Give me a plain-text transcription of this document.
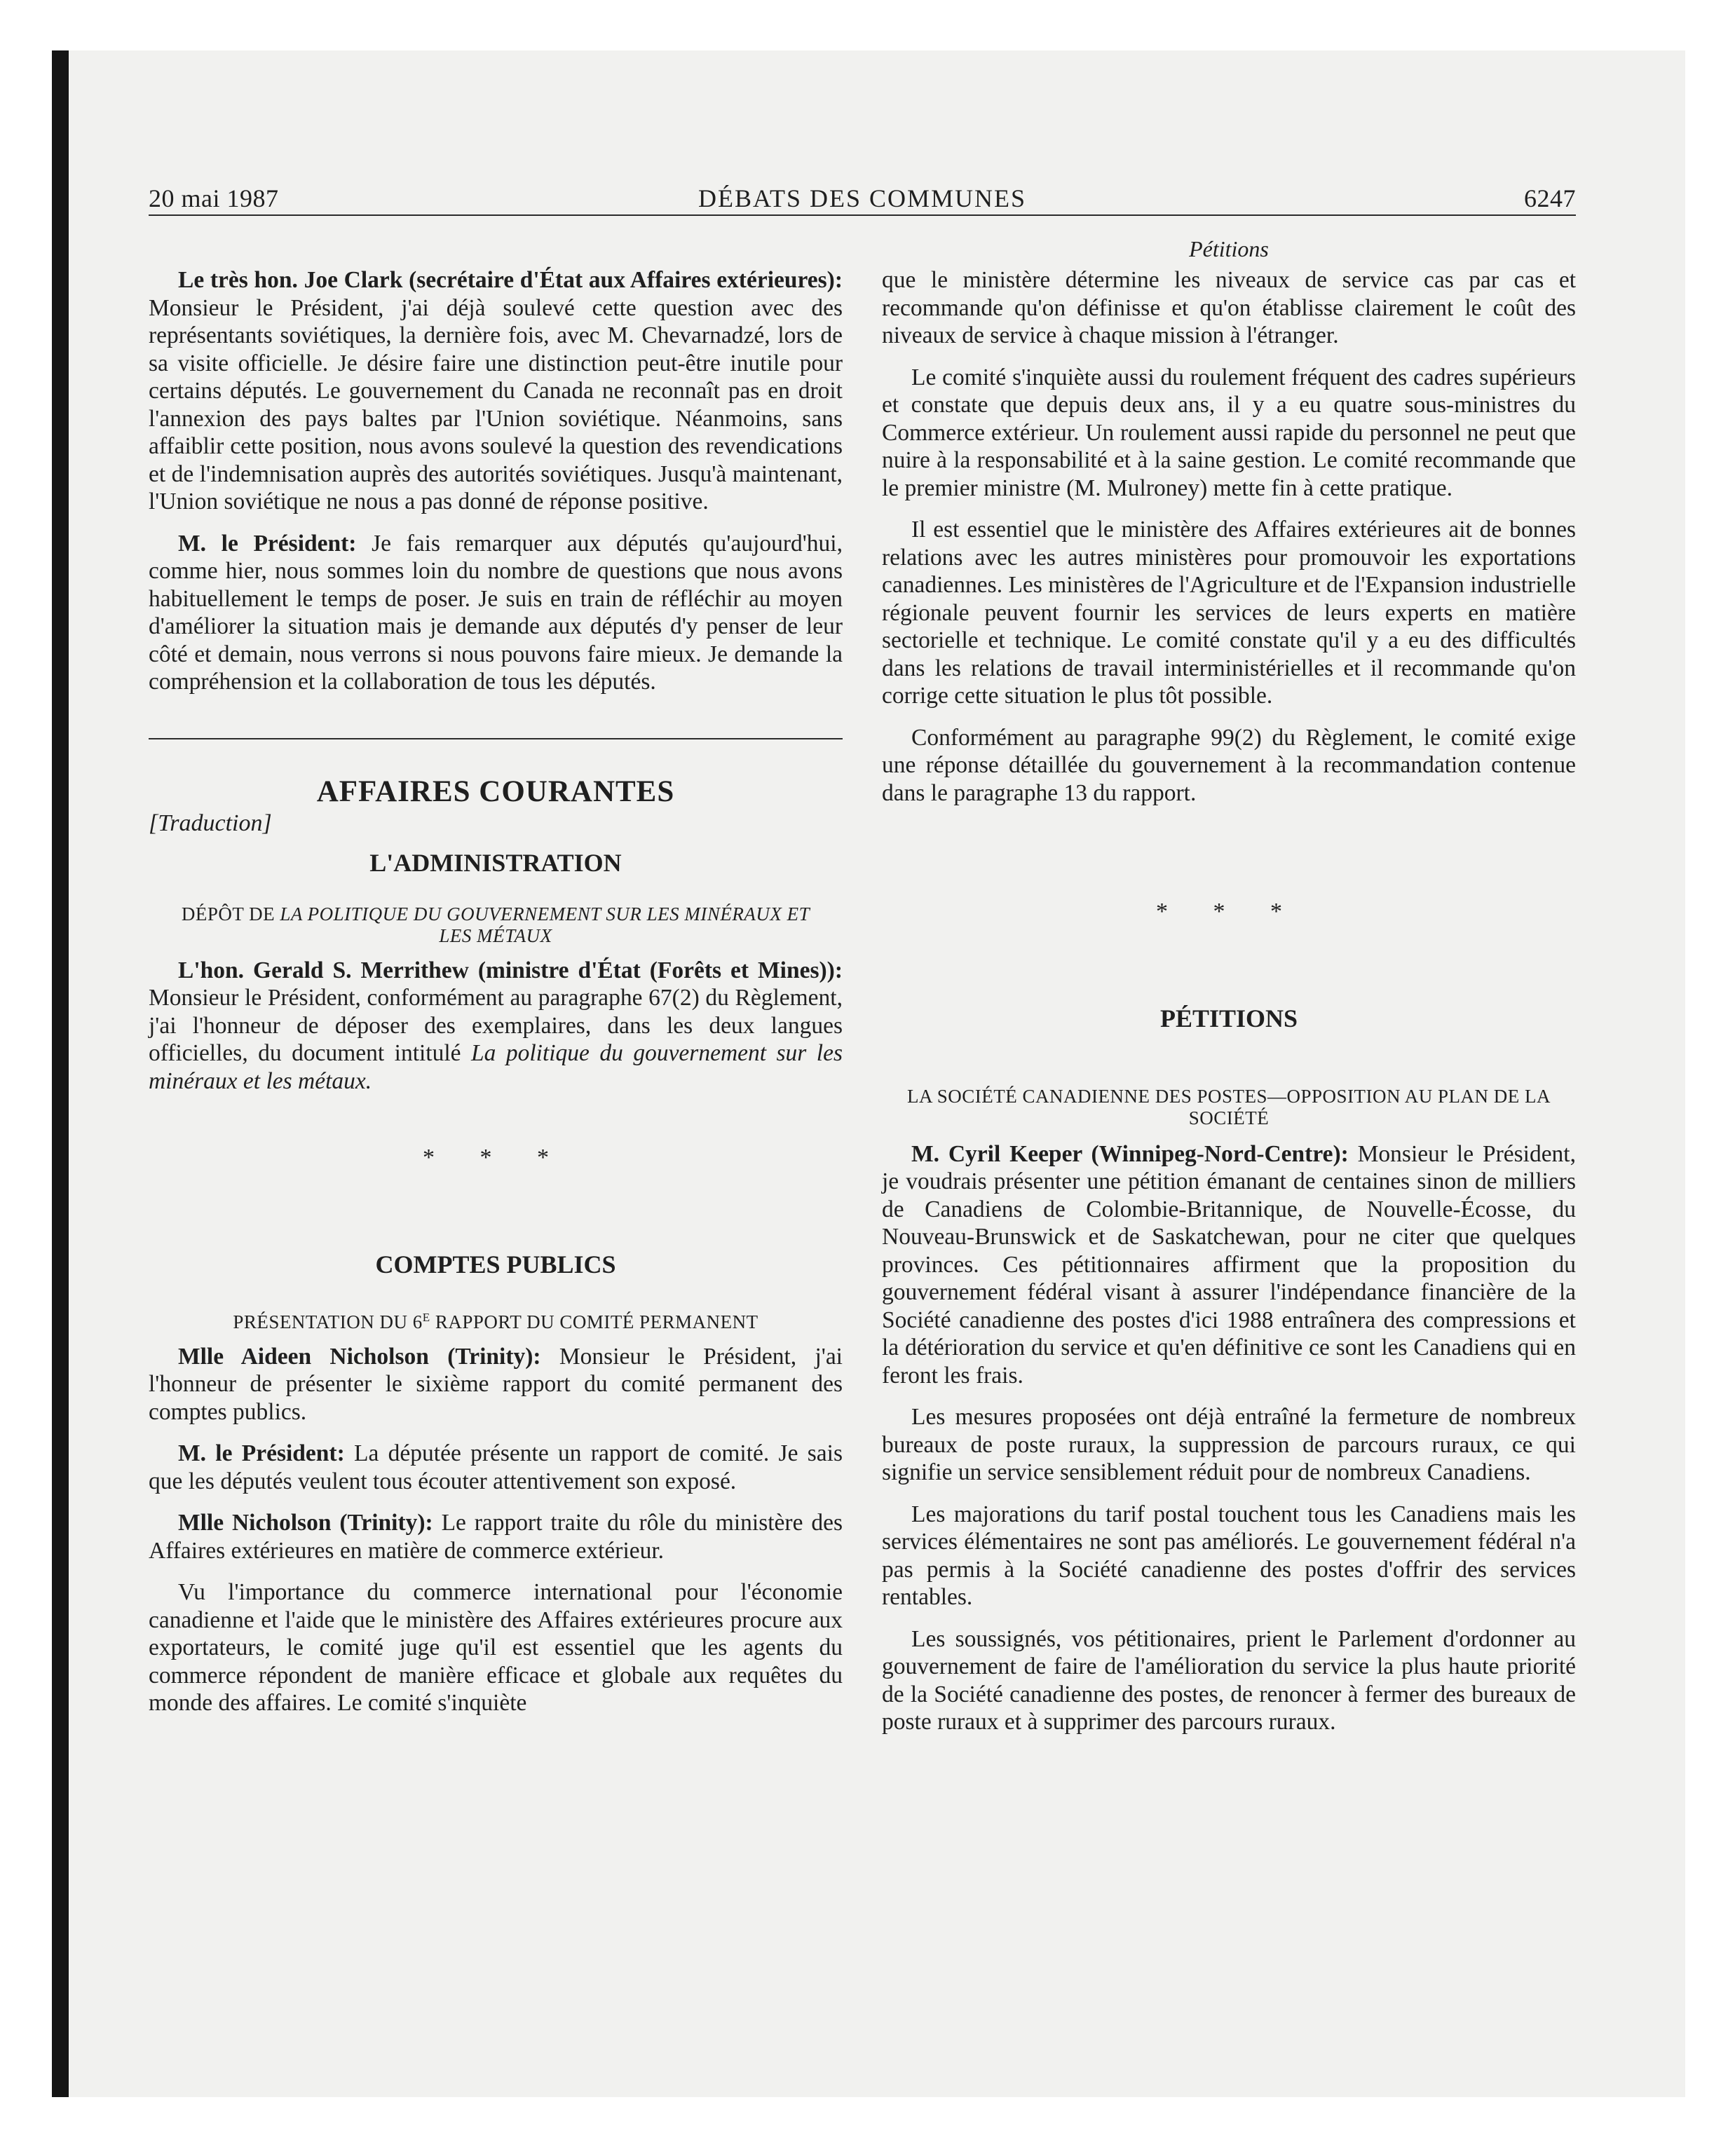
DÉBATS DES COMMUNES
20 mai 1987	6247

Le très hon. Joe Clark (secrétaire d'État aux Affaires extérieures): Monsieur le Président, j'ai déjà soulevé cette question avec des représentants soviétiques, la dernière fois, avec M. Chevarnadzé, lors de sa visite officielle. Je désire faire une distinction peut-être inutile pour certains députés. Le gouvernement du Canada ne reconnaît pas en droit l'annexion des pays baltes par l'Union soviétique. Néanmoins, sans affaiblir cette position, nous avons soulevé la question des revendications et de l'indemnisation auprès des autorités soviétiques. Jusqu'à maintenant, l'Union soviétique ne nous a pas donné de réponse positive.

M. le Président: Je fais remarquer aux députés qu'aujourd'hui, comme hier, nous sommes loin du nombre de questions que nous avons habituellement le temps de poser. Je suis en train de réfléchir au moyen d'améliorer la situation mais je demande aux députés d'y penser de leur côté et demain, nous verrons si nous pouvons faire mieux. Je demande la compréhension et la collaboration de tous les députés.

AFFAIRES COURANTES

[Traduction]

L'ADMINISTRATION

DÉPÔT DE LA POLITIQUE DU GOUVERNEMENT SUR LES MINÉRAUX ET LES MÉTAUX

L'hon. Gerald S. Merrithew (ministre d'État (Forêts et Mines)): Monsieur le Président, conformément au paragraphe 67(2) du Règlement, j'ai l'honneur de déposer des exemplaires, dans les deux langues officielles, du document intitulé La politique du gouvernement sur les minéraux et les métaux.

* * *

COMPTES PUBLICS

PRÉSENTATION DU $6^E$ RAPPORT DU COMITÉ PERMANENT

Mlle Aideen Nicholson (Trinity): Monsieur le Président, j'ai l'honneur de présenter le sixième rapport du comité permanent des comptes publics.

M. le Président: La députée présente un rapport de comité. Je sais que les députés veulent tous écouter attentivement son exposé.

Mlle Nicholson (Trinity): Le rapport traite du rôle du ministère des Affaires extérieures en matière de commerce extérieur.

Vu l'importance du commerce international pour l'économie canadienne et l'aide que le ministère des Affaires extérieures procure aux exportateurs, le comité juge qu'il est essentiel que les agents du commerce répondent de manière efficace et globale aux requêtes du monde des affaires. Le comité s'inquiète

Pétitions

que le ministère détermine les niveaux de service cas par cas et recommande qu'on définisse et qu'on établisse clairement le coût des niveaux de service à chaque mission à l'étranger.

Le comité s'inquiète aussi du roulement fréquent des cadres supérieurs et constate que depuis deux ans, il y a eu quatre sous-ministres du Commerce extérieur. Un roulement aussi rapide du personnel ne peut que nuire à la responsabilité et à la saine gestion. Le comité recommande que le premier ministre (M. Mulroney) mette fin à cette pratique.

Il est essentiel que le ministère des Affaires extérieures ait de bonnes relations avec les autres ministères pour promouvoir les exportations canadiennes. Les ministères de l'Agriculture et de l'Expansion industrielle régionale peuvent fournir les services de leurs experts en matière sectorielle et technique. Le comité constate qu'il y a eu des difficultés dans les relations de travail interministérielles et il recommande qu'on corrige cette situation le plus tôt possible.

Conformément au paragraphe 99(2) du Règlement, le comité exige une réponse détaillée du gouvernement à la recommandation contenue dans le paragraphe 13 du rapport.

* * *

PÉTITIONS

LA SOCIÉTÉ CANADIENNE DES POSTES—OPPOSITION AU PLAN DE LA SOCIÉTÉ

M. Cyril Keeper (Winnipeg-Nord-Centre): Monsieur le Président, je voudrais présenter une pétition émanant de centaines sinon de milliers de Canadiens de Colombie-Britannique, de Nouvelle-Écosse, du Nouveau-Brunswick et de Saskatchewan, pour ne citer que quelques provinces. Ces pétitionnaires affirment que la proposition du gouvernement fédéral visant à assurer l'indépendance financière de la Société canadienne des postes d'ici 1988 entraînera des compressions et la détérioration du service et qu'en définitive ce sont les Canadiens qui en feront les frais.

Les mesures proposées ont déjà entraîné la fermeture de nombreux bureaux de poste ruraux, la suppression de parcours ruraux, ce qui signifie un service sensiblement réduit pour de nombreux Canadiens.

Les majorations du tarif postal touchent tous les Canadiens mais les services élémentaires ne sont pas améliorés. Le gouvernement fédéral n'a pas permis à la Société canadienne des postes d'offrir des services rentables.

Les soussignés, vos pétitionaires, prient le Parlement d'ordonner au gouvernement de faire de l'amélioration du service la plus haute priorité de la Société canadienne des postes, de renoncer à fermer des bureaux de poste ruraux et à supprimer des parcours ruraux.
